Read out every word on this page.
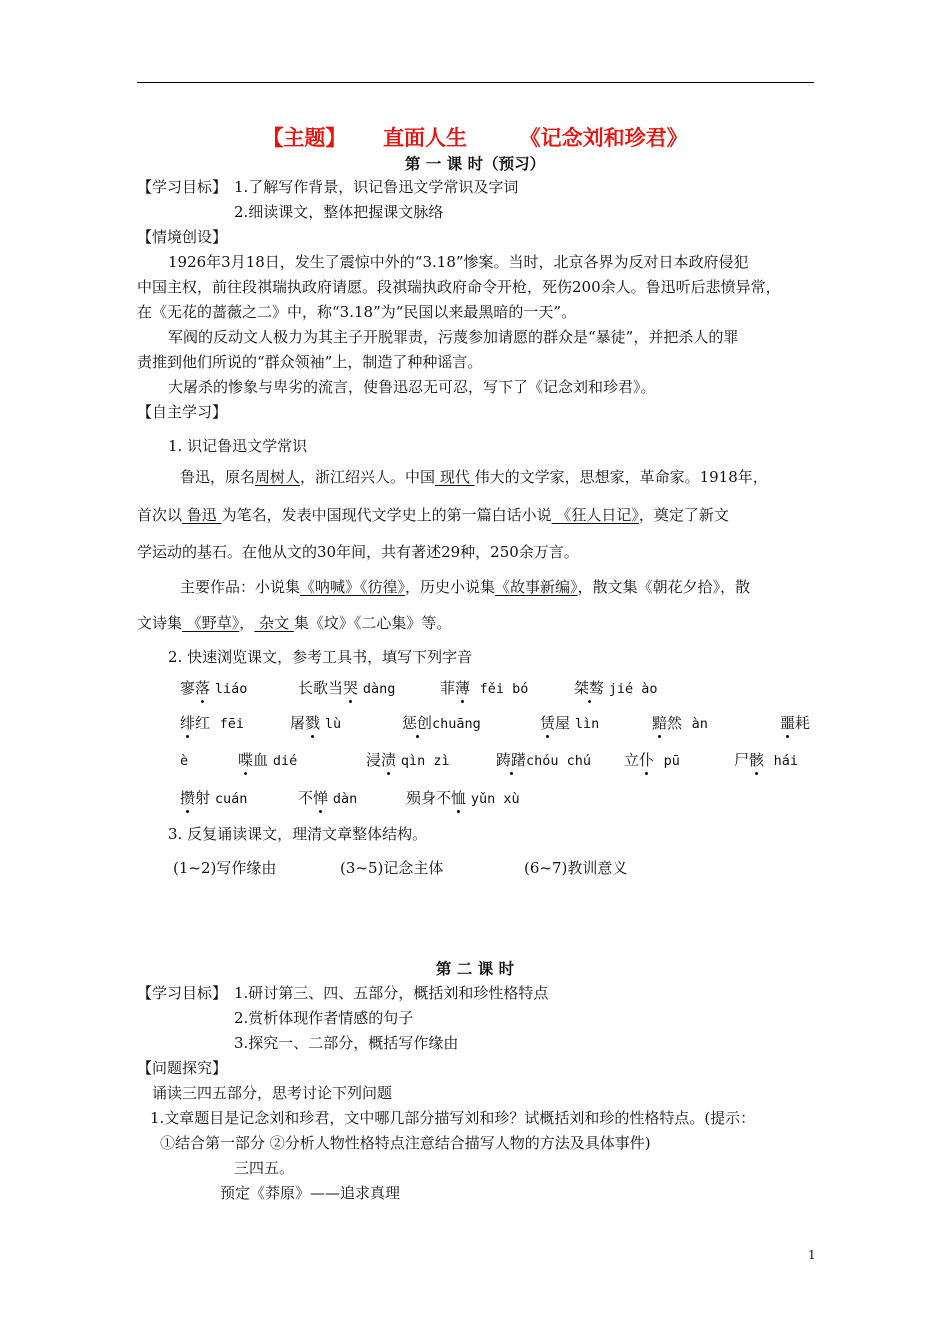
【主题】 直面人生	《记念刘和珍君》
第 一 课 时（预习）
【学习目标】 1.了解写作背景，识记鲁迅文学常识及字词
2.细读课文，整体把握课文脉络
【情境创设】
1926年3月18日，发生了震惊中外的“3.18”惨案。当时，北京各界为反对日本政府侵犯
中国主权，前往段祺瑞执政府请愿。段祺瑞执政府命令开枪，死伤200余人。鲁迅听后悲愤异常，
在《无花的蔷薇之二》中，称“3.18”为“民国以来最黑暗的一天”。
军阀的反动文人极力为其主子开脱罪责，污蔑参加请愿的群众是“暴徒”，并把杀人的罪
责推到他们所说的“群众领袖”上，制造了种种谣言。
大屠杀的惨象与卑劣的流言，使鲁迅忍无可忍，写下了《记念刘和珍君》。
【自主学习】
1. 识记鲁迅文学常识
鲁迅，原名周树人，浙江绍兴人。中国 现代 伟大的文学家，思想家，革命家。1918年，
首次以 鲁迅 为笔名，发表中国现代文学史上的第一篇白话小说 《狂人日记》，奠定了新文
学运动的基石。在他从文的30年间，共有著述29种，250余万言。
主要作品：小说集《呐喊》《彷徨》，历史小说集《故事新编》，散文集《朝花夕拾》，散
文诗集 《野草》， 杂文 集《坟》《二心集》等。
2. 快速浏览课文，参考工具书，填写下列字音
寥落 liáo	长歌当哭 dàng	菲薄 fěi bó	桀骜 jié ào
绯红 fēi	屠戮 lù	惩创chuāng	赁屋 lìn	黯然 àn	噩耗
è	喋血 dié	浸渍 qìn zì	踌躇chóu chú 立仆 pū	尸骸 hái
攒射 cuán	不惮 dàn	殒身不恤 yǔn xù
3. 反复诵读课文，理清文章整体结构。
(1~2)写作缘由	(3~5)记念主体	(6~7)教训意义
第 二 课 时
【学习目标】 1.研讨第三、四、五部分，概括刘和珍性格特点
2.赏析体现作者情感的句子
3.探究一、二部分，概括写作缘由
【问题探究】
诵读三四五部分，思考讨论下列问题
1.文章题目是记念刘和珍君，文中哪几部分描写刘和珍？试概括刘和珍的性格特点。(提示：
①结合第一部分 ②分析人物性格特点注意结合描写人物的方法及具体事件)
三四五。
预定《莽原》——追求真理
1
